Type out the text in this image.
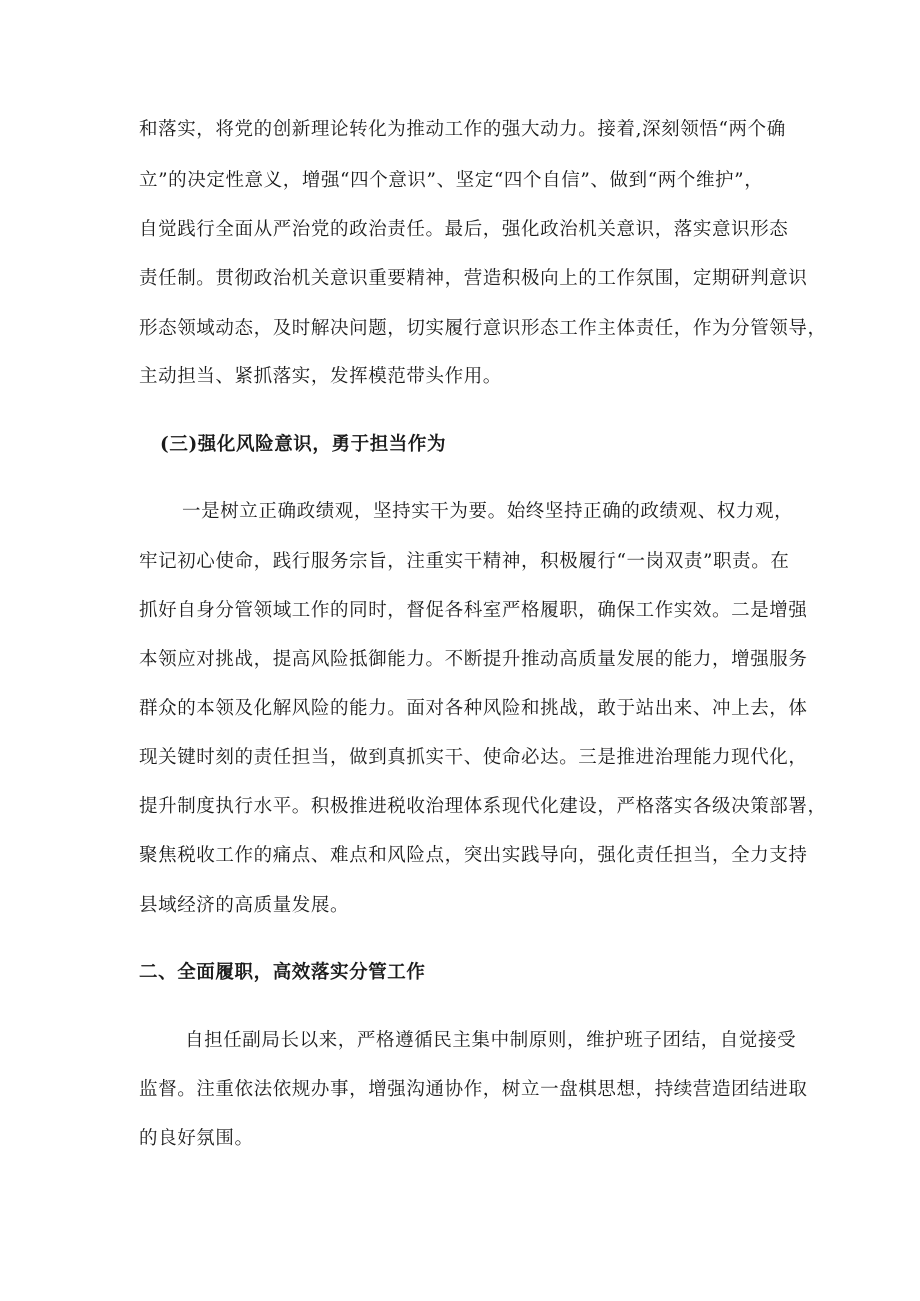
和落实，将党的创新理论转化为推动工作的强大动力。接着,深刻领悟“两个确
立”的决定性意义，增强“四个意识”、坚定“四个自信”、做到“两个维护”，
自觉践行全面从严治党的政治责任。最后，强化政治机关意识，落实意识形态
责任制。贯彻政治机关意识重要精神，营造积极向上的工作氛围，定期研判意识
形态领域动态，及时解决问题，切实履行意识形态工作主体责任，作为分管领导，
主动担当、紧抓落实，发挥模范带头作用。
(三)强化风险意识，勇于担当作为
一是树立正确政绩观，坚持实干为要。始终坚持正确的政绩观、权力观，
牢记初心使命，践行服务宗旨，注重实干精神，积极履行“一岗双责”职责。在
抓好自身分管领域工作的同时，督促各科室严格履职，确保工作实效。二是增强
本领应对挑战，提高风险抵御能力。不断提升推动高质量发展的能力，增强服务
群众的本领及化解风险的能力。面对各种风险和挑战，敢于站出来、冲上去，体
现关键时刻的责任担当，做到真抓实干、使命必达。三是推进治理能力现代化，
提升制度执行水平。积极推进税收治理体系现代化建设，严格落实各级决策部署，
聚焦税收工作的痛点、难点和风险点，突出实践导向，强化责任担当，全力支持
县域经济的高质量发展。
二、全面履职，高效落实分管工作
自担任副局长以来，严格遵循民主集中制原则，维护班子团结，自觉接受
监督。注重依法依规办事，增强沟通协作，树立一盘棋思想，持续营造团结进取
的良好氛围。
